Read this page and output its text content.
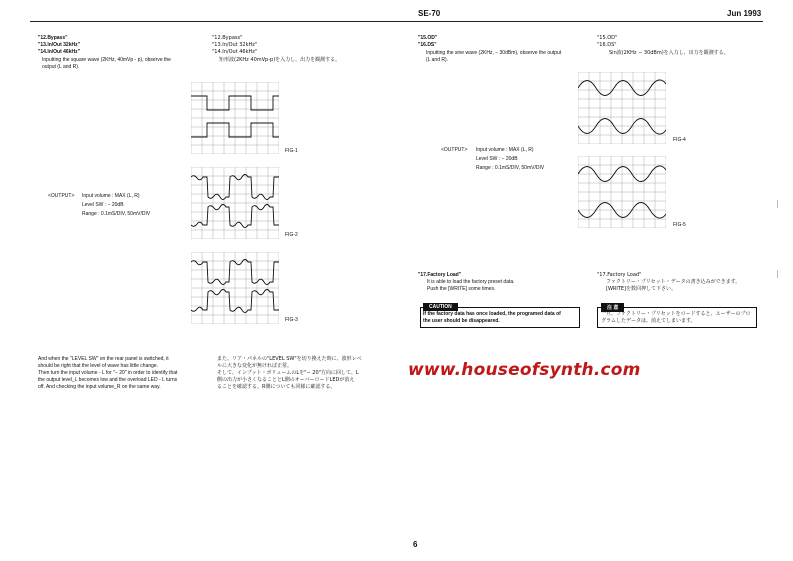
SE-70	Jun 1993

"12.Bypass"

"13.In/Out 32kHz"

"14.In/Out 46kHz"

Inputting the square wave (2KHz, 40mVp - p), observe the

output (L and R).

"12.Bypass"

"13.In/Out 32kHz"

"14.In/Out 46kHz"

矩形波(2KHz 40mVp-p)を入力し、出力を観測する。
FIG-1
FIG-2
FIG-3
<OUTPUT> Input volume : MAX (L, R)

Level SW : − 20dB

Range : 0.1mS/DIV, 50mV/DIV

And when the "LEVEL SW" on the rear panel is switched, it

should be right that the level of wave has little change.

Then turn the input volume - L for "− 20" in order to identify that

the output level_L becomes low and the overload LED - L turns

off. And checking the input volume_R on the same way.

また、リア・パネルの"LEVEL SW"を切り換えた時に、波形レベ

ルに大きな変化が無ければ正常。

そして、インプット・ボリュームのLを"− 20"方向に回して、L

側の出力が小さくなることとL側のオーバーロードLEDが消え

ることを確認する。R側についても同様に確認する。

"15.OD"

"16.DS"

Inputting the sine wave (2KHz, − 30dBm), observe the output

(L and R).

"15.OD"

"16.DS"

Sin波(2KHz − 30dBm)を入力し、出力を観測する。
FIG-4
FIG-5
<OUTPUT> Input volume : MAX (L, R)

Level SW : − 20dB

Range : 0.1mS/DIV, 50mV/DIV

"17.Factory Load"

It is able to load the factory preset data.

Push the [WRITE] some times.

CAUTION

If the factory data has once loaded, the programed data of

the user should be disappeared.

"17.Factory Load"

ファクトリー・プリセット・データの書き込みができます。

[WRITE]を数回押して下さい。

注 意

一旦、ファクトリー・プリセットをロードすると、ユーザーのプロ

グラムしたデータは、消えてしまいます。

www.houseofsynth.com
6
